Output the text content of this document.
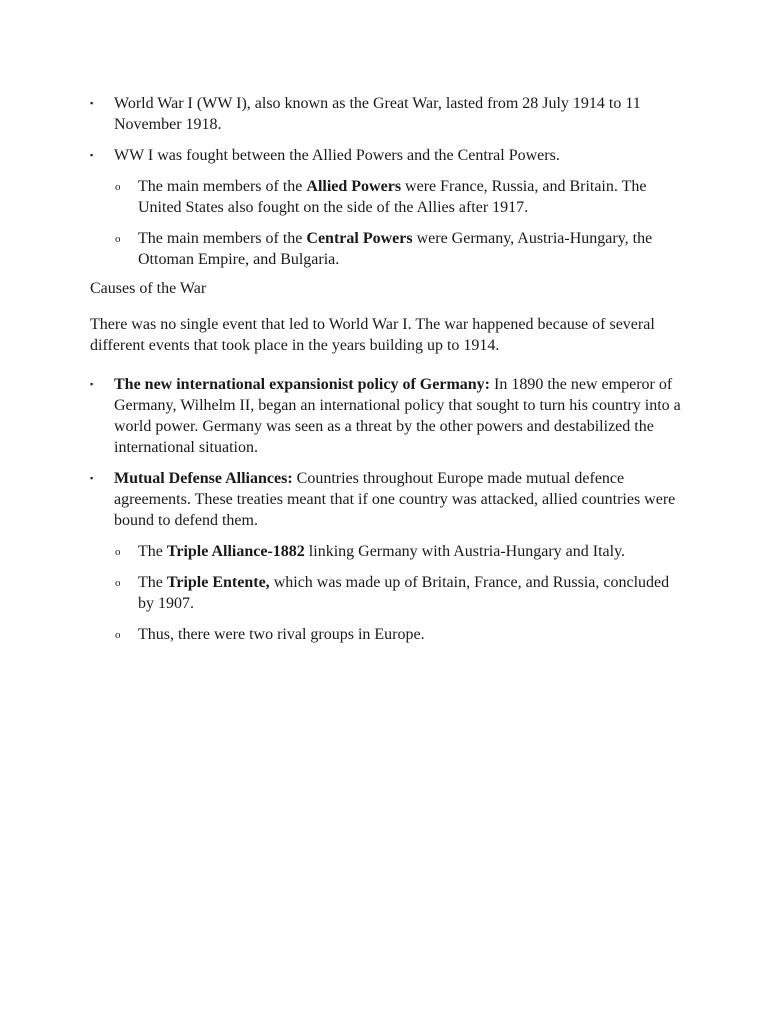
▪ World War I (WW I), also known as the Great War, lasted from 28 July 1914 to 11 November 1918.
▪ WW I was fought between the Allied Powers and the Central Powers.
o The main members of the Allied Powers were France, Russia, and Britain. The United States also fought on the side of the Allies after 1917.
o The main members of the Central Powers were Germany, Austria-Hungary, the Ottoman Empire, and Bulgaria.

Causes of the War

There was no single event that led to World War I. The war happened because of several different events that took place in the years building up to 1914.

▪ The new international expansionist policy of Germany: In 1890 the new emperor of Germany, Wilhelm II, began an international policy that sought to turn his country into a world power. Germany was seen as a threat by the other powers and destabilized the international situation.
▪ Mutual Defense Alliances: Countries throughout Europe made mutual defence agreements. These treaties meant that if one country was attacked, allied countries were bound to defend them.
o The Triple Alliance-1882 linking Germany with Austria-Hungary and Italy.
o The Triple Entente, which was made up of Britain, France, and Russia, concluded by 1907.
o Thus, there were two rival groups in Europe.
